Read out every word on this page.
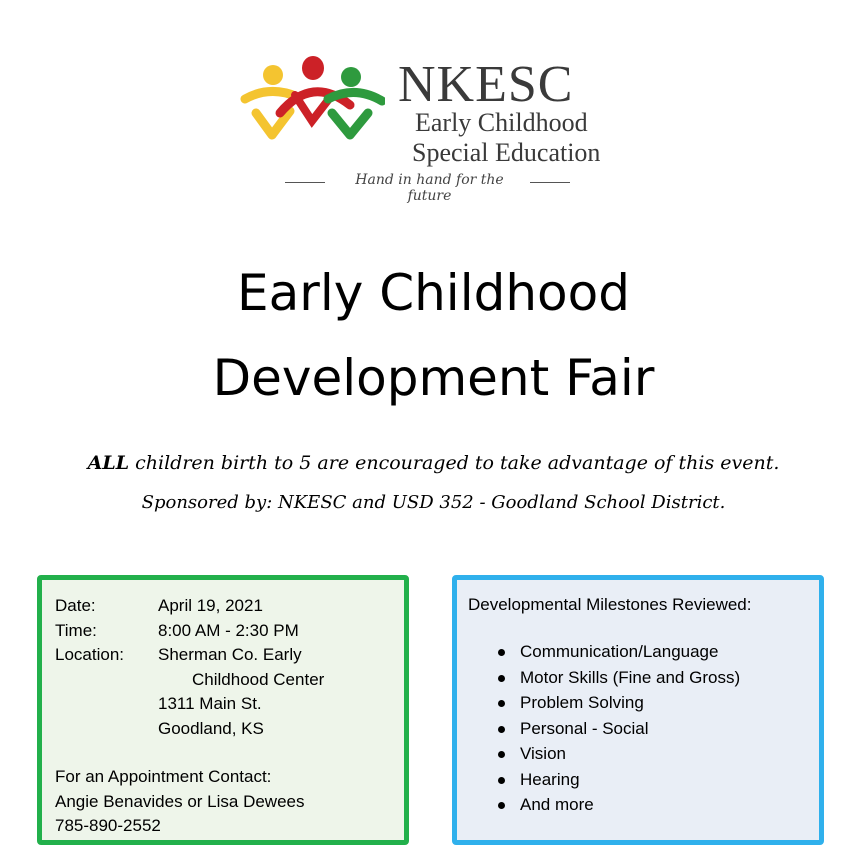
NKESC
Early Childhood
Special Education
Hand in hand for the future
Early Childhood
Development Fair
ALL children birth to 5 are encouraged to take advantage of this event.
Sponsored by: NKESC and USD 352 - Goodland School District.
Date:	April 19, 2021
Time:	8:00 AM - 2:30 PM
Location: Sherman Co. Early
Childhood Center
1311 Main St.
Goodland, KS
For an Appointment Contact:
Angie Benavides or Lisa Dewees
785-890-2552
Developmental Milestones Reviewed:
Communication/Language
Motor Skills (Fine and Gross)
Problem Solving
Personal - Social
Vision
Hearing
And more
